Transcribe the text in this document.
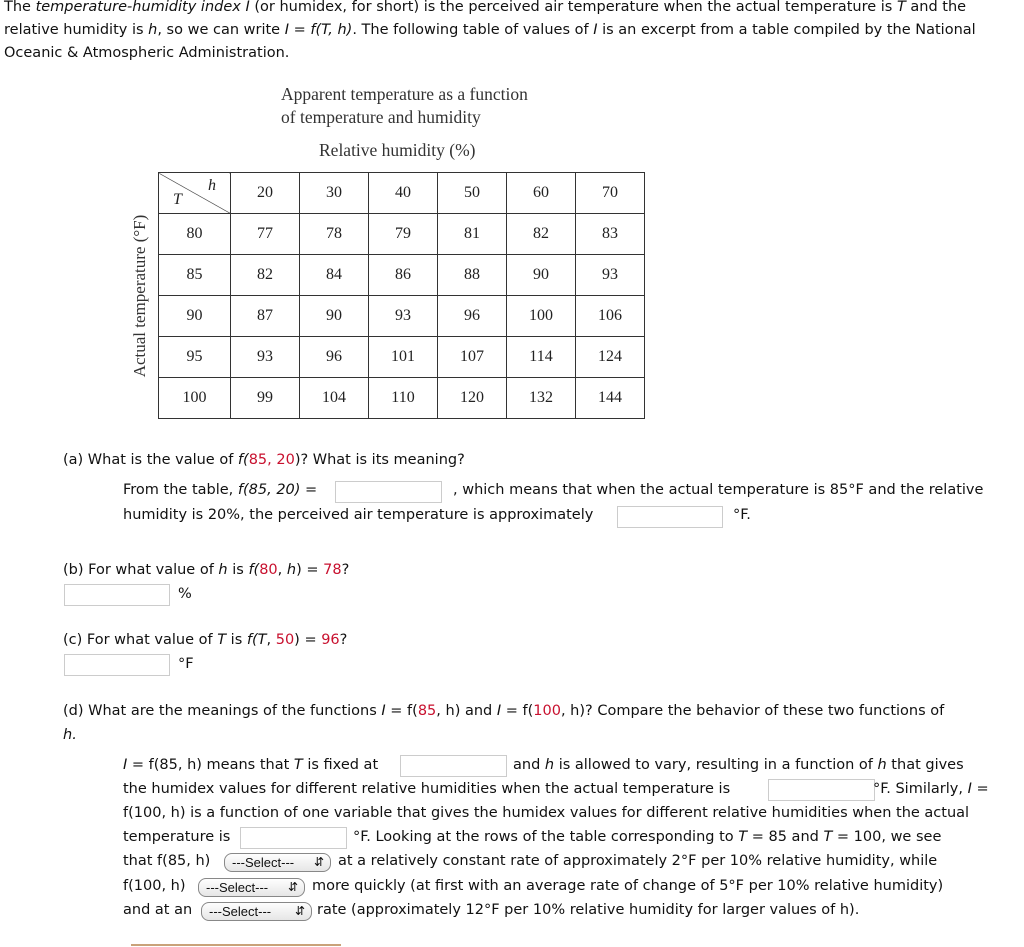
The temperature-humidity index I (or humidex, for short) is the perceived air temperature when the actual temperature is T and the relative humidity is h, so we can write I = f(T, h). The following table of values of I is an excerpt from a table compiled by the National Oceanic & Atmospheric Administration.
Apparent temperature as a function
of temperature and humidity
Relative humidity (%)
Actual temperature (°F)
h
T	20	30	40	50	60	70
80	77	78	79	81	82	83
85	82	84	86	88	90	93
90	87	90	93	96	100	106
95	93	96	101	107	114	124
100	99	104	110	120	132	144
(a) What is the value of f(85, 20)? What is its meaning?
From the table, f(85, 20) =	, which means that when the actual temperature is 85°F and the relative
humidity is 20%, the perceived air temperature is approximately	°F.
(b) For what value of h is f(80, h) = 78?
%
(c) For what value of T is f(T, 50) = 96?
°F
(d) What are the meanings of the functions I = f(85, h) and I = f(100, h)? Compare the behavior of these two functions of
h.
I = f(85, h) means that T is fixed at	and h is allowed to vary, resulting in a function of h that gives
the humidex values for different relative humidities when the actual temperature is	°F. Similarly, I =
f(100, h) is a function of one variable that gives the humidex values for different relative humidities when the actual
temperature is	°F. Looking at the rows of the table corresponding to T = 85 and T = 100, we see
that f(85, h)	---Select--- ⇵ at a relatively constant rate of approximately 2°F per 10% relative humidity, while
f(100, h)	---Select--- ⇵ more quickly (at first with an average rate of change of 5°F per 10% relative humidity)
and at an	---Select--- ⇵ rate (approximately 12°F per 10% relative humidity for larger values of h).
